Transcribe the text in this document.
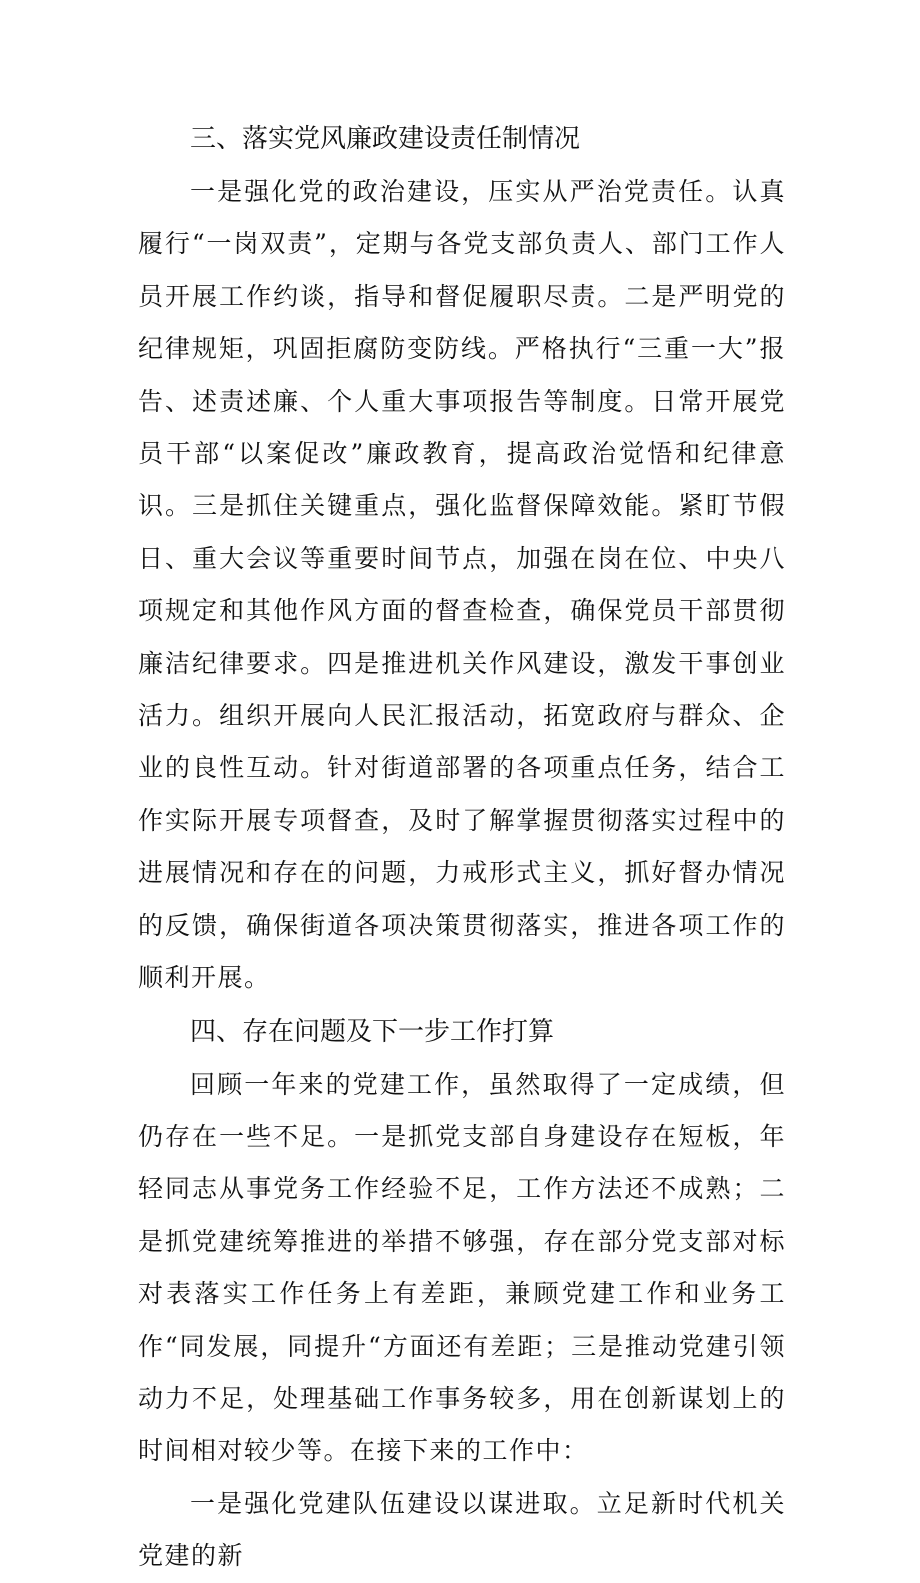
三、落实党风廉政建设责任制情况

一是强化党的政治建设，压实从严治党责任。认真履行“一岗双责”，定期与各党支部负责人、部门工作人员开展工作约谈，指导和督促履职尽责。二是严明党的纪律规矩，巩固拒腐防变防线。严格执行“三重一大”报告、述责述廉、个人重大事项报告等制度。日常开展党员干部“以案促改”廉政教育，提高政治觉悟和纪律意识。三是抓住关键重点，强化监督保障效能。紧盯节假日、重大会议等重要时间节点，加强在岗在位、中央八项规定和其他作风方面的督查检查，确保党员干部贯彻廉洁纪律要求。四是推进机关作风建设，激发干事创业活力。组织开展向人民汇报活动，拓宽政府与群众、企业的良性互动。针对街道部署的各项重点任务，结合工作实际开展专项督查，及时了解掌握贯彻落实过程中的进展情况和存在的问题，力戒形式主义，抓好督办情况的反馈，确保街道各项决策贯彻落实，推进各项工作的顺利开展。

四、存在问题及下一步工作打算

回顾一年来的党建工作，虽然取得了一定成绩，但仍存在一些不足。一是抓党支部自身建设存在短板，年轻同志从事党务工作经验不足，工作方法还不成熟；二是抓党建统筹推进的举措不够强，存在部分党支部对标对表落实工作任务上有差距，兼顾党建工作和业务工作“同发展，同提升“方面还有差距；三是推动党建引领动力不足，处理基础工作事务较多，用在创新谋划上的时间相对较少等。在接下来的工作中：

一是强化党建队伍建设以谋进取。立足新时代机关党建的新
